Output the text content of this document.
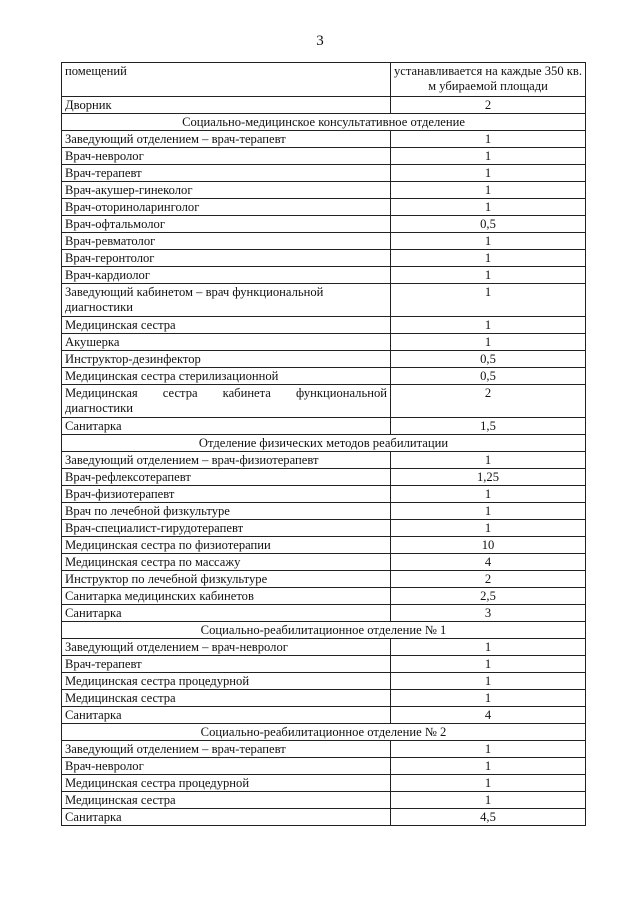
3
помещений	устанавливается на каждые 350 кв. м убираемой площади
Дворник	2
Социально-медицинское консультативное отделение	
Заведующий отделением – врач-терапевт	1
Врач-невролог	1
Врач-терапевт	1
Врач-акушер-гинеколог	1
Врач-оториноларинголог	1
Врач-офтальмолог	0,5
Врач-ревматолог	1
Врач-геронтолог	1
Врач-кардиолог	1
Заведующий кабинетом – врач функциональной диагностики	1
Медицинская сестра	1
Акушерка	1
Инструктор-дезинфектор	0,5
Медицинская сестра стерилизационной	0,5
Медицинская сестра кабинета функциональной диагностики	2
Санитарка	1,5
Отделение физических методов реабилитации	
Заведующий отделением – врач-физиотерапевт	1
Врач-рефлексотерапевт	1,25
Врач-физиотерапевт	1
Врач по лечебной физкультуре	1
Врач-специалист-гирудотерапевт	1
Медицинская сестра по физиотерапии	10
Медицинская сестра по массажу	4
Инструктор по лечебной физкультуре	2
Санитарка медицинских кабинетов	2,5
Санитарка	3
Социально-реабилитационное отделение № 1	
Заведующий отделением – врач-невролог	1
Врач-терапевт	1
Медицинская сестра процедурной	1
Медицинская сестра	1
Санитарка	4
Социально-реабилитационное отделение № 2	
Заведующий отделением – врач-терапевт	1
Врач-невролог	1
Медицинская сестра процедурной	1
Медицинская сестра	1
Санитарка	4,5
